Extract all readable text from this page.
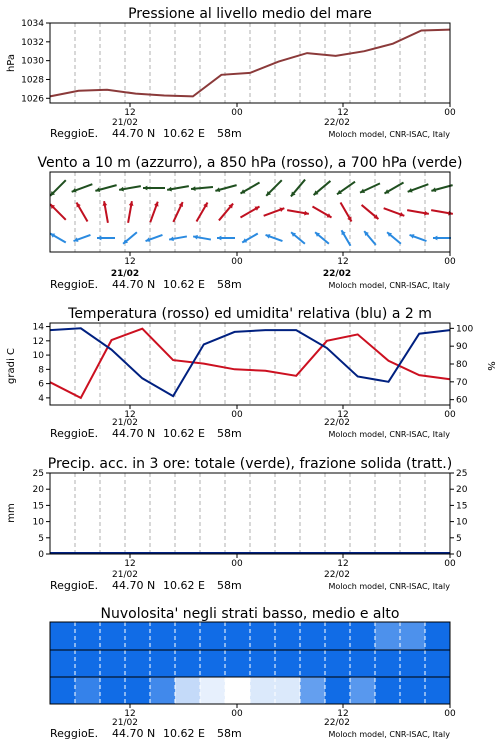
Pressione al livello medio del mare
hPa
1026
1028
1030
1032
1034
12	00	12	00
21/02	22/02
ReggioE. 44.70 N 10.62 E 58m	Moloch model, CNR-ISAC, Italy
Vento a 10 m (azzurro), a 850 hPa (rosso), a 700 hPa (verde)
12	00	12	00
21/02	22/02
ReggioE. 44.70 N 10.62 E 58m	Moloch model, CNR-ISAC, Italy
Temperatura (rosso) ed umidita' relativa (blu) a 2 m
gradi C	%
4
6
8
10
12
14
60
70
80
90
100
12	00	12	00
21/02	22/02
ReggioE. 44.70 N 10.62 E 58m	Moloch model, CNR-ISAC, Italy
Precip. acc. in 3 ore: totale (verde), frazione solida (tratt.)
mm
0
5
10
15
20
25
0
5
10
15
20
25
12	00	12	00
21/02	22/02
ReggioE. 44.70 N 10.62 E 58m	Moloch model, CNR-ISAC, Italy
Nuvolosita' negli strati basso, medio e alto
12	00	12	00
21/02	22/02
ReggioE. 44.70 N 10.62 E 58m	Moloch model, CNR-ISAC, Italy
